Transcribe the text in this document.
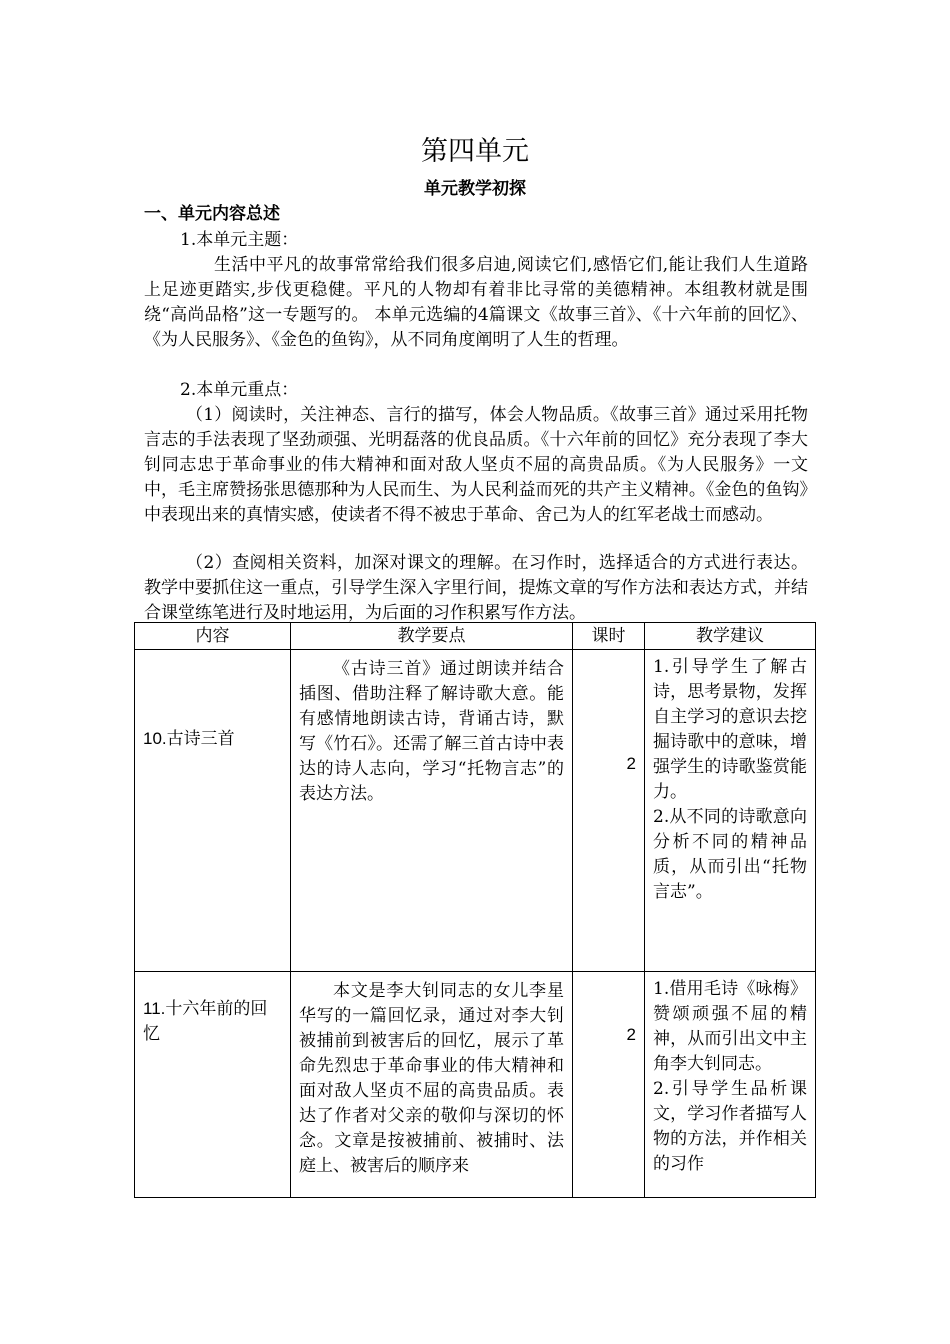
第四单元
单元教学初探
一、单元内容总述
1.本单元主题：
生活中平凡的故事常常给我们很多启迪,阅读它们,感悟它们,能让我们人生道路上足迹更踏实,步伐更稳健。平凡的人物却有着非比寻常的美德精神。本组教材就是围绕“高尚品格”这一专题写的。 本单元选编的4篇课文《故事三首》、《十六年前的回忆》、《为人民服务》、《金色的鱼钩》，从不同角度阐明了人生的哲理。
2.本单元重点：
（1）阅读时，关注神态、言行的描写，体会人物品质。《故事三首》通过采用托物言志的手法表现了坚劲顽强、光明磊落的优良品质。《十六年前的回忆》充分表现了李大钊同志忠于革命事业的伟大精神和面对敌人坚贞不屈的高贵品质。《为人民服务》一文中，毛主席赞扬张思德那种为人民而生、为人民利益而死的共产主义精神。《金色的鱼钩》中表现出来的真情实感，使读者不得不被忠于革命、舍己为人的红军老战士而感动。
（2）查阅相关资料，加深对课文的理解。在习作时，选择适合的方式进行表达。教学中要抓住这一重点，引导学生深入字里行间，提炼文章的写作方法和表达方式，并结合课堂练笔进行及时地运用，为后面的习作积累写作方法。
内容	教学要点	课时	教学建议

10.古诗三首	《古诗三首》通过朗读并结合插图、借助注释了解诗歌大意。能有感情地朗读古诗，背诵古诗，默写《竹石》。还需了解三首古诗中表达的诗人志向，学习“托物言志”的表达方法。	2	1.引导学生了解古诗，思考景物，发挥自主学习的意识去挖掘诗歌中的意味，增强学生的诗歌鉴赏能力。

2.从不同的诗歌意向分析不同的精神品质，从而引出“托物言志”。

11.十六年前的回忆	本文是李大钊同志的女儿李星华写的一篇回忆录，通过对李大钊被捕前到被害后的回忆，展示了革命先烈忠于革命事业的伟大精神和面对敌人坚贞不屈的高贵品质。表达了作者对父亲的敬仰与深切的怀念。文章是按被捕前、被捕时、法庭上、被害后的顺序来	2	1.借用毛诗《咏梅》赞颂顽强不屈的精神，从而引出文中主角李大钊同志。

2.引导学生品析课文，学习作者描写人物的方法，并作相关的习作
